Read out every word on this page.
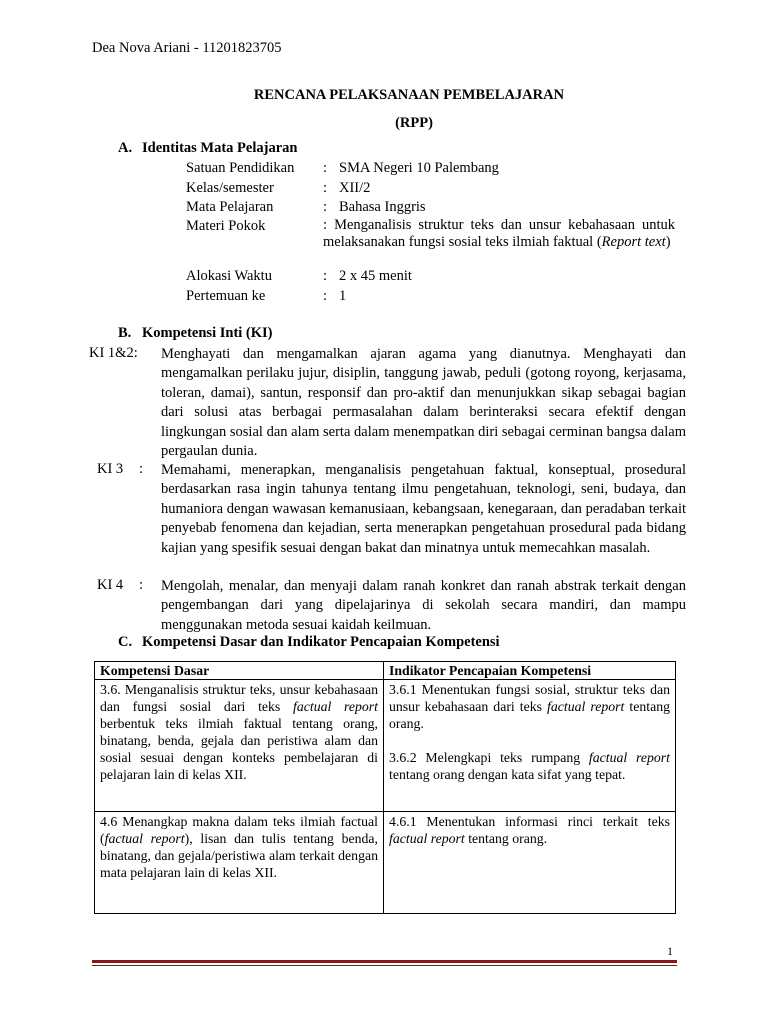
Dea Nova Ariani - 11201823705
RENCANA PELAKSANAAN PEMBELAJARAN
(RPP)
A. Identitas Mata Pelajaran
Satuan Pendidikan : SMA Negeri 10 Palembang
Kelas/semester	: XII/2
Mata Pelajaran	: Bahasa Inggris
Materi Pokok	: Menganalisis struktur teks dan unsur kebahasaan untuk melaksanakan fungsi sosial teks ilmiah faktual (Report text)
Alokasi Waktu	: 2 x 45 menit
Pertemuan ke	: 1
B. Kompetensi Inti (KI)
KI 1&2: Menghayati dan mengamalkan ajaran agama yang dianutnya. Menghayati dan mengamalkan perilaku jujur, disiplin, tanggung jawab, peduli (gotong royong, kerjasama, toleran, damai), santun, responsif dan pro-aktif dan menunjukkan sikap sebagai bagian dari solusi atas berbagai permasalahan dalam berinteraksi secara efektif dengan lingkungan sosial dan alam serta dalam menempatkan diri sebagai cerminan bangsa dalam pergaulan dunia.
KI 3 : Memahami, menerapkan, menganalisis pengetahuan faktual, konseptual, prosedural berdasarkan rasa ingin tahunya tentang ilmu pengetahuan, teknologi, seni, budaya, dan humaniora dengan wawasan kemanusiaan, kebangsaan, kenegaraan, dan peradaban terkait penyebab fenomena dan kejadian, serta menerapkan pengetahuan prosedural pada bidang kajian yang spesifik sesuai dengan bakat dan minatnya untuk memecahkan masalah.
KI 4 : Mengolah, menalar, dan menyaji dalam ranah konkret dan ranah abstrak terkait dengan pengembangan dari yang dipelajarinya di sekolah secara mandiri, dan mampu menggunakan metoda sesuai kaidah keilmuan.
C. Kompetensi Dasar dan Indikator Pencapaian Kompetensi
Kompetensi Dasar	Indikator Pencapaian Kompetensi
3.6. Menganalisis struktur teks, unsur kebahasaan dan fungsi sosial dari teks factual report berbentuk teks ilmiah faktual tentang orang, binatang, benda, gejala dan peristiwa alam dan sosial sesuai dengan konteks pembelajaran di pelajaran lain di kelas XII.	3.6.1 Menentukan fungsi sosial, struktur teks dan unsur kebahasaan dari teks factual report tentang orang.
3.6.2 Melengkapi teks rumpang factual report tentang orang dengan kata sifat yang tepat.

4.6 Menangkap makna dalam teks ilmiah factual (factual report), lisan dan tulis tentang benda, binatang, dan gejala/peristiwa alam terkait dengan mata pelajaran lain di kelas XII.	4.6.1 Menentukan informasi rinci terkait teks factual report tentang orang.
1
